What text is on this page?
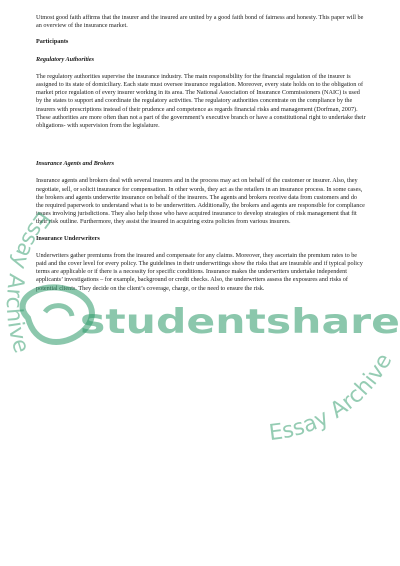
Utmost good faith affirms that the insurer and the insured are united by a good faith bond of fairness and honesty. This paper will be an overview of the insurance market.

Participants

Regulatory Authorities

The regulatory authorities supervise the insurance industry. The main responsibility for the financial regulation of the insurer is assigned to its state of domiciliary. Each state must oversee insurance regulation. Moreover, every state holds on to the obligation of market price regulation of every insurer working in its area. The National Association of Insurance Commissioners (NAIC) is used by the states to support and coordinate the regulatory activities. The regulatory authorities concentrate on the compliance by the insurers with prescriptions instead of their prudence and competence as regards financial risks and management (Dorfman, 2007). These authorities are more often than not a part of the government’s executive branch or have a constitutional right to undertake their obligations- with supervision from the legislature.

Insurance Agents and Brokers

Insurance agents and brokers deal with several insurers and in the process may act on behalf of the customer or insurer. Also, they negotiate, sell, or solicit insurance for compensation. In other words, they act as the retailers in an insurance process. In some cases, the brokers and agents underwrite insurance on behalf of the insurers. The agents and brokers receive data from customers and do the required paperwork to understand what is to be underwritten. Additionally, the brokers and agents are responsible for compliance issues involving jurisdictions. They also help those who have acquired insurance to develop strategies of risk management that fit their risk outline. Furthermore, they assist the insured in acquiring extra policies from various insurers.

Insurance Underwriters

Underwriters gather premiums from the insured and compensate for any claims. Moreover, they ascertain the premium rates to be paid and the cover level for every policy. The guidelines in their underwritings show the risks that are insurable and if typical policy terms are applicable or if there is a necessity for specific conditions. Insurance makes the underwriters undertake independent applicants’ investigations – for example, background or credit checks. Also, the underwriters assess the exposures and risks of potential clients. They decide on the client’s coverage, charge, or the need to ensure the risk.

studentshare
Essay Archive
Essay Archive
